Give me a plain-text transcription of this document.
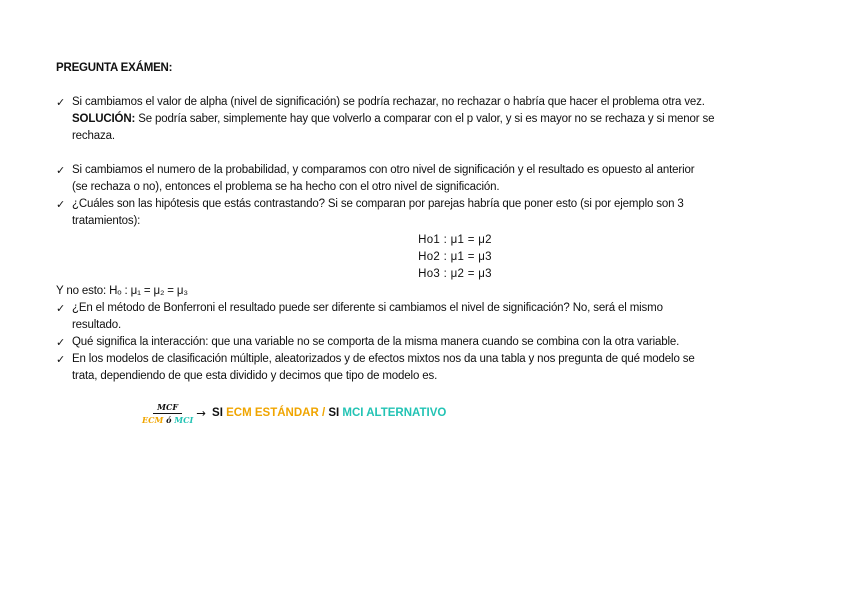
PREGUNTA EXÁMEN:
✓ Si cambiamos el valor de alpha (nivel de significación) se podría rechazar, no rechazar o habría que hacer el problema otra vez.
SOLUCIÓN: Se podría saber, simplemente hay que volverlo a comparar con el p valor, y si es mayor no se rechaza y si menor se
rechaza.
✓ Si cambiamos el numero de la probabilidad, y comparamos con otro nivel de significación y el resultado es opuesto al anterior
(se rechaza o no), entonces el problema se ha hecho con el otro nivel de significación.
✓ ¿Cuáles son las hipótesis que estás contrastando? Si se comparan por parejas habría que poner esto (si por ejemplo son 3
tratamientos):
Ho1 : μ1 = μ2
Ho2 : μ1 = μ3
Ho3 : μ2 = μ3
Y no esto: Hₒ : μ₁ = μ₂ = μ₃
✓ ¿En el método de Bonferroni el resultado puede ser diferente si cambiamos el nivel de significación? No, será el mismo
resultado.
✓ Qué significa la interacción: que una variable no se comporta de la misma manera cuando se combina con la otra variable.
✓ En los modelos de clasificación múltiple, aleatorizados y de efectos mixtos nos da una tabla y nos pregunta de qué modelo se
trata, dependiendo de que esta dividido y decimos que tipo de modelo es.
$\frac{\text{MCF}}{\text{ECM ó MCI}}$ → SI ECM ESTÁNDAR / SI MCI ALTERNATIVO
